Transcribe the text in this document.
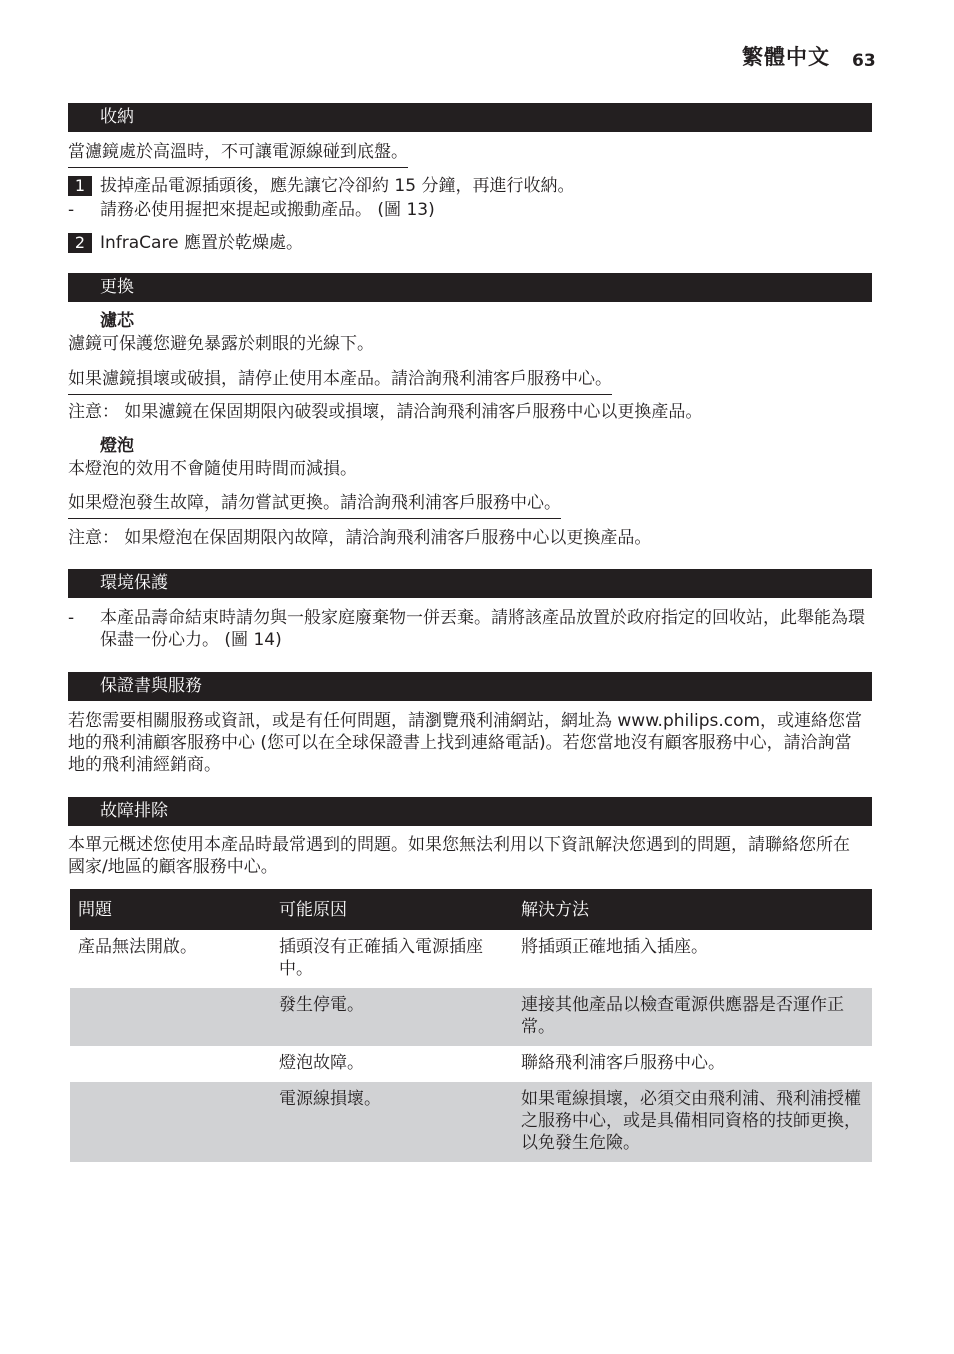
繁體中文 63
收納
當濾鏡處於高溫時，不可讓電源線碰到底盤。
1 拔掉產品電源插頭後，應先讓它冷卻約 15 分鐘，再進行收納。
- 請務必使用握把來提起或搬動產品。 (圖 13)
2 InfraCare 應置於乾燥處。
更換
濾芯
濾鏡可保護您避免暴露於刺眼的光線下。
如果濾鏡損壞或破損，請停止使用本產品。請洽詢飛利浦客戶服務中心。
注意： 如果濾鏡在保固期限內破裂或損壞，請洽詢飛利浦客戶服務中心以更換產品。
燈泡
本燈泡的效用不會隨使用時間而減損。
如果燈泡發生故障，請勿嘗試更換。請洽詢飛利浦客戶服務中心。
注意： 如果燈泡在保固期限內故障，請洽詢飛利浦客戶服務中心以更換產品。
環境保護
- 本產品壽命結束時請勿與一般家庭廢棄物一併丟棄。請將該產品放置於政府指定的回收站，此舉能為環保盡一份心力。 (圖 14)
保證書與服務
若您需要相關服務或資訊，或是有任何問題，請瀏覽飛利浦網站，網址為 www.philips.com，或連絡您當地的飛利浦顧客服務中心 (您可以在全球保證書上找到連絡電話)。若您當地沒有顧客服務中心，請洽詢當地的飛利浦經銷商。
故障排除
本單元概述您使用本產品時最常遇到的問題。如果您無法利用以下資訊解決您遇到的問題，請聯絡您所在國家/地區的顧客服務中心。
問題	可能原因	解決方法
產品無法開啟。	插頭沒有正確插入電源插座中。	將插頭正確地插入插座。
	發生停電。	連接其他產品以檢查電源供應器是否運作正常。
	燈泡故障。	聯絡飛利浦客戶服務中心。
	電源線損壞。	如果電線損壞，必須交由飛利浦、飛利浦授權之服務中心，或是具備相同資格的技師更換，以免發生危險。
